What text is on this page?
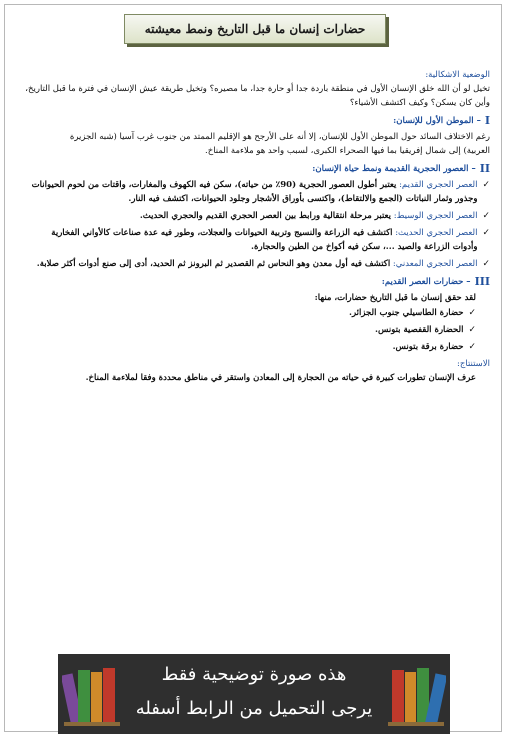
حضارات إنسان ما قبل التاريخ ونمط معيشته

الوضعية الاشكالية:

تخيل لو أن الله خلق الإنسان الأول في منطقة باردة جدا أو حارة جدا، ما مصيره؟ وتخيل طريقة عيش الإنسان في فترة ما قبل التاريخ،

وأين كان يسكن؟ وكيف اكتشف الأشياء؟

I
– الموطن الأول للإنسان:

رغم الاختلاف السائد حول الموطن الأول للإنسان، إلا أنه على الأرجح هو الإقليم الممتد من جنوب غرب آسيا (شبه الجزيرة

العربية) إلى شمال إفريقيا بما فيها الصحراء الكبرى، لسبب واحد هو ملاءمة المناخ.

II
– العصور الحجرية القديمة ونمط حياة الإنسان:
✓

العصر الحجري القديم: يعتبر أطول العصور الحجرية (90٪ من حياته)، سكن فيه الكهوف والمغارات، واقتات من لحوم الحيوانات

وجذور وثمار النباتات (الجمع والالتقاط)، واكتسى بأوراق الأشجار وجلود الحيوانات، اكتشف فيه النار.

✓

العصر الحجري الوسيط: يعتبر مرحلة انتقالية ورابط بين العصر الحجري القديم والحجري الحديث.

✓

العصر الحجري الحديث: اكتشف فيه الزراعة والنسيج وتربية الحيوانات والعجلات، وطور فيه عدة صناعات كالأواني الفخارية

وأدوات الزراعة والصيد ...، سكن فيه أكواخ من الطين والحجارة.

✓

العصر الحجري المعدني: اكتشف فيه أول معدن وهو النحاس ثم القصدير ثم البرونز ثم الحديد، أدى إلى صنع أدوات أكثر صلابة.

III
– حضارات العصر القديم:

لقد حقق إنسان ما قبل التاريخ حضارات، منها:

✓
حضارة الطاسيلي جنوب الجزائر.
✓
الحضارة القفصية بتونس.
✓
حضارة برقة بتونس.

الاستنتاج:

عرف الإنسان تطورات كبيرة في حياته من الحجارة إلى المعادن واستقر في مناطق محددة وفقا لملاءمة المناخ.

هذه صورة توضيحية فقط
يرجى التحميل من الرابط أسفله
